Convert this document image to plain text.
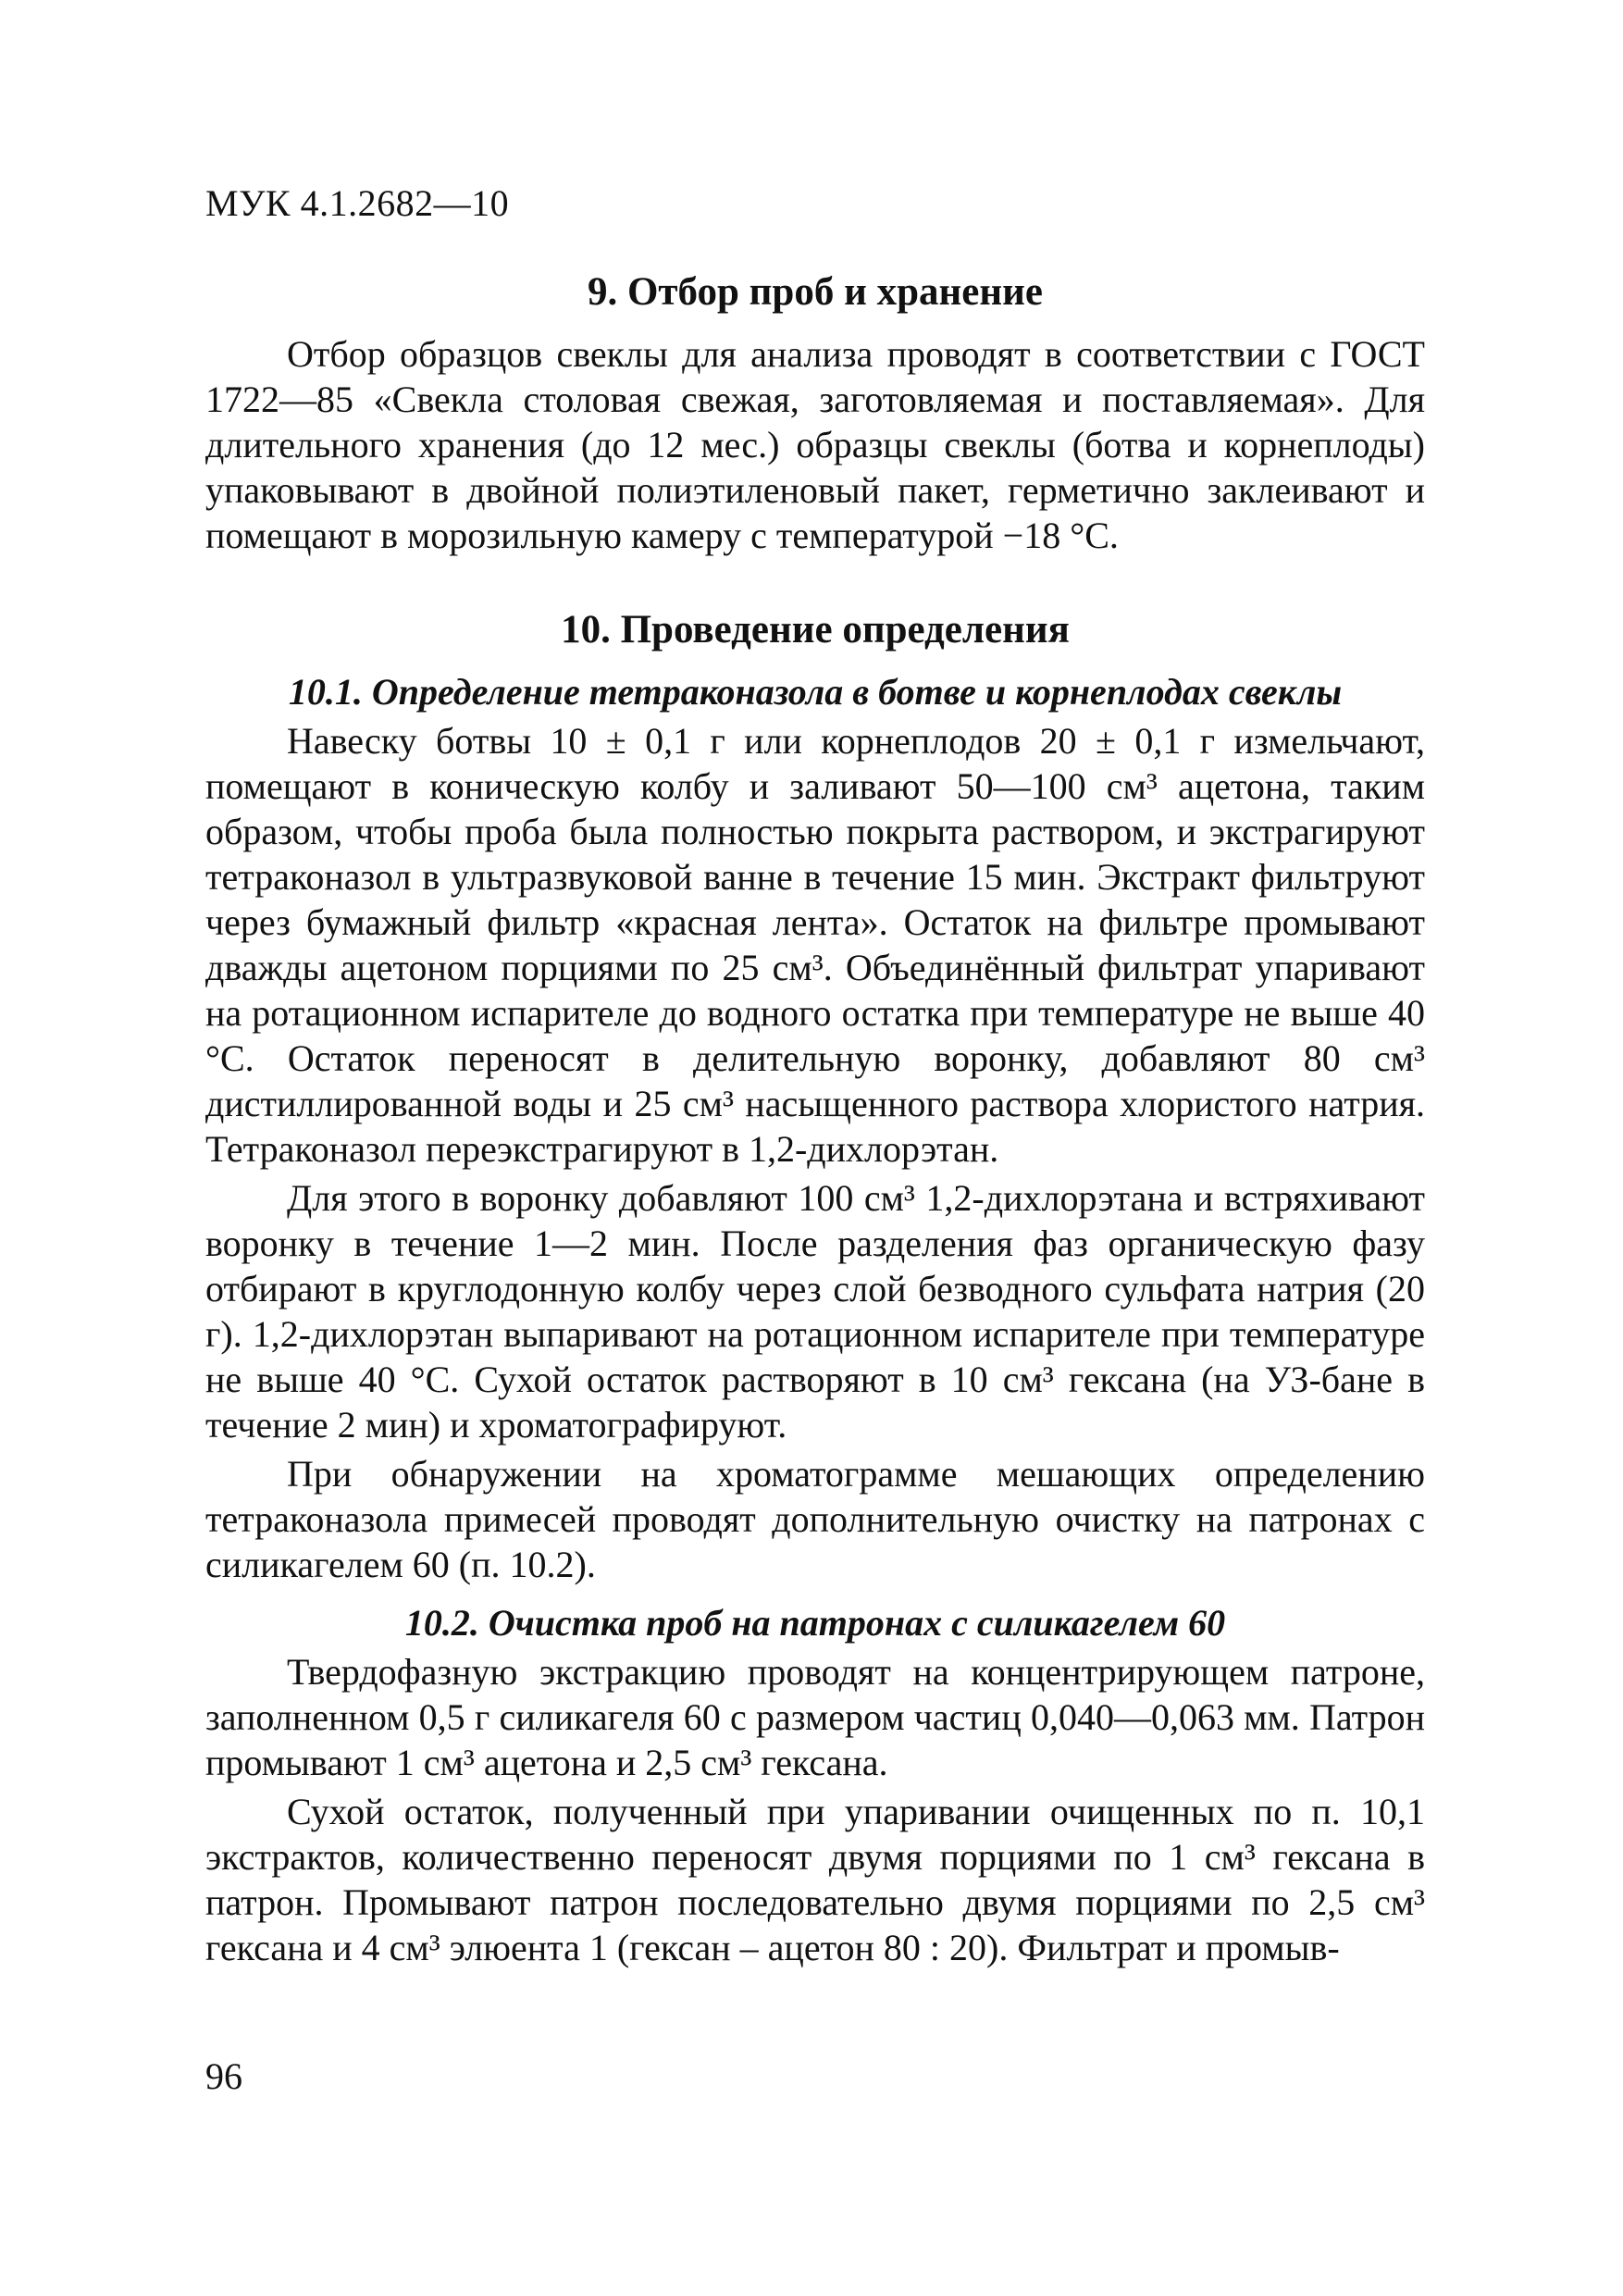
МУК 4.1.2682—10
9. Отбор проб и хранение

Отбор образцов свеклы для анализа проводят в соответствии с ГОСТ 1722—85 «Свекла столовая свежая, заготовляемая и поставляемая». Для длительного хранения (до 12 мес.) образцы свеклы (ботва и корнеплоды) упаковывают в двойной полиэтиленовый пакет, герметично заклеивают и помещают в морозильную камеру с температурой −18 °С.

10. Проведение определения
10.1. Определение тетраконазола в ботве и корнеплодах свеклы

Навеску ботвы 10 ± 0,1 г или корнеплодов 20 ± 0,1 г измельчают, помещают в коническую колбу и заливают 50—100 см³ ацетона, таким образом, чтобы проба была полностью покрыта раствором, и экстрагируют тетраконазол в ультразвуковой ванне в течение 15 мин. Экстракт фильтруют через бумажный фильтр «красная лента». Остаток на фильтре промывают дважды ацетоном порциями по 25 см³. Объединённый фильтрат упаривают на ротационном испарителе до водного остатка при температуре не выше 40 °С. Остаток переносят в делительную воронку, добавляют 80 см³ дистиллированной воды и 25 см³ насыщенного раствора хлористого натрия. Тетраконазол переэкстрагируют в 1,2-дихлорэтан.

Для этого в воронку добавляют 100 см³ 1,2-дихлорэтана и встряхивают воронку в течение 1—2 мин. После разделения фаз органическую фазу отбирают в круглодонную колбу через слой безводного сульфата натрия (20 г). 1,2-дихлорэтан выпаривают на ротационном испарителе при температуре не выше 40 °С. Сухой остаток растворяют в 10 см³ гексана (на УЗ-бане в течение 2 мин) и хроматографируют.

При обнаружении на хроматограмме мешающих определению тетраконазола примесей проводят дополнительную очистку на патронах с силикагелем 60 (п. 10.2).

10.2. Очистка проб на патронах с силикагелем 60

Твердофазную экстракцию проводят на концентрирующем патроне, заполненном 0,5 г силикагеля 60 с размером частиц 0,040—0,063 мм. Патрон промывают 1 см³ ацетона и 2,5 см³ гексана.

Сухой остаток, полученный при упаривании очищенных по п. 10,1 экстрактов, количественно переносят двумя порциями по 1 см³ гексана в патрон. Промывают патрон последовательно двумя порциями по 2,5 см³ гексана и 4 см³ элюента 1 (гексан – ацетон 80 : 20). Фильтрат и промыв-

96
